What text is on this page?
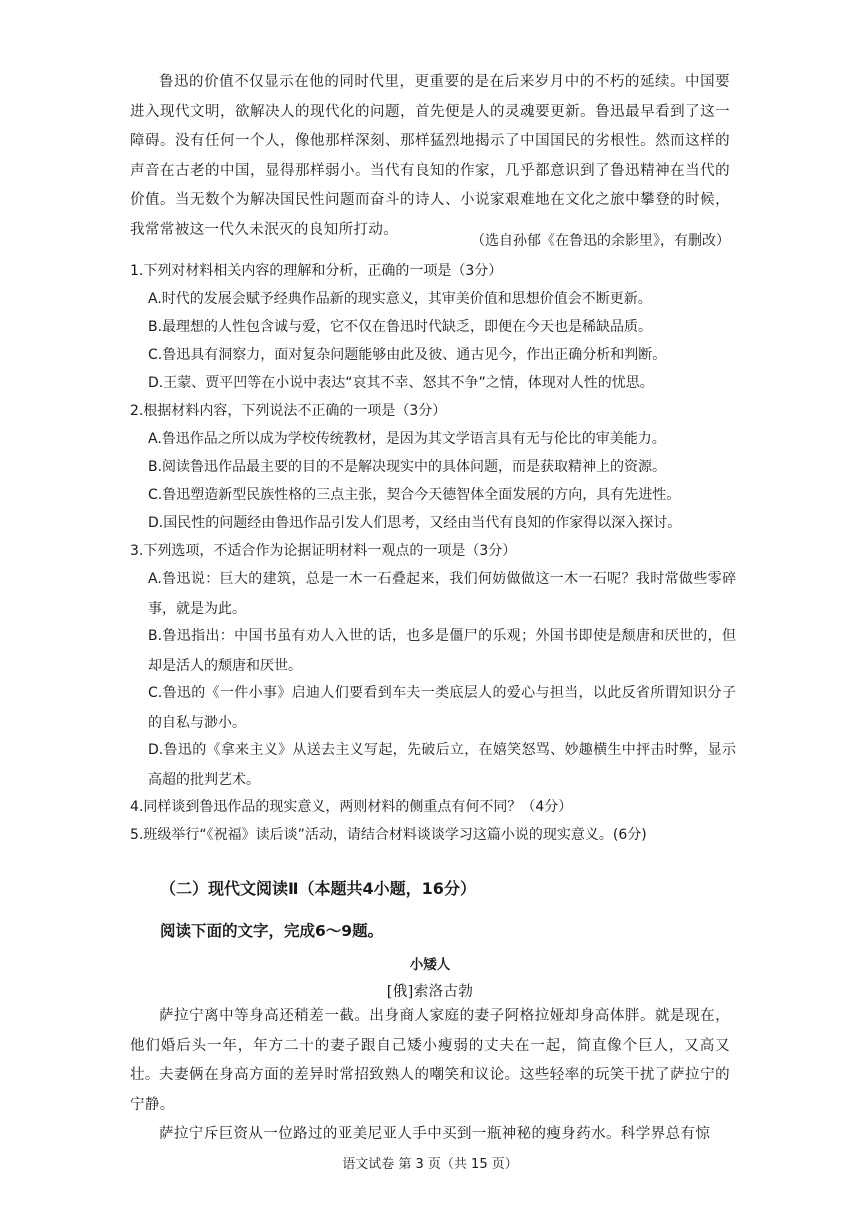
鲁迅的价值不仅显示在他的同时代里，更重要的是在后来岁月中的不朽的延续。中国要进入现代文明，欲解决人的现代化的问题，首先便是人的灵魂要更新。鲁迅最早看到了这一障碍。没有任何一个人，像他那样深刻、那样猛烈地揭示了中国国民的劣根性。然而这样的声音在古老的中国，显得那样弱小。当代有良知的作家，几乎都意识到了鲁迅精神在当代的价值。当无数个为解决国民性问题而奋斗的诗人、小说家艰难地在文化之旅中攀登的时候，我常常被这一代久未泯灭的良知所打动。

（选自孙郁《在鲁迅的余影里》，有删改）

1.下列对材料相关内容的理解和分析，正确的一项是（3分）

A.时代的发展会赋予经典作品新的现实意义，其审美价值和思想价值会不断更新。

B.最理想的人性包含诚与爱，它不仅在鲁迅时代缺乏，即便在今天也是稀缺品质。

C.鲁迅具有洞察力，面对复杂问题能够由此及彼、通古见今，作出正确分析和判断。

D.王蒙、贾平凹等在小说中表达“哀其不幸、怒其不争”之情，体现对人性的忧思。

2.根据材料内容，下列说法不正确的一项是（3分）

A.鲁迅作品之所以成为学校传统教材，是因为其文学语言具有无与伦比的审美能力。

B.阅读鲁迅作品最主要的目的不是解决现实中的具体问题，而是获取精神上的资源。

C.鲁迅塑造新型民族性格的三点主张，契合今天德智体全面发展的方向，具有先进性。

D.国民性的问题经由鲁迅作品引发人们思考，又经由当代有良知的作家得以深入探讨。

3.下列选项，不适合作为论据证明材料一观点的一项是（3分）

A.鲁迅说：巨大的建筑，总是一木一石叠起来，我们何妨做做这一木一石呢？我时常做些零碎事，就是为此。

B.鲁迅指出：中国书虽有劝人入世的话，也多是僵尸的乐观；外国书即使是颓唐和厌世的，但却是活人的颓唐和厌世。

C.鲁迅的《一件小事》启迪人们要看到车夫一类底层人的爱心与担当，以此反省所谓知识分子的自私与渺小。

D.鲁迅的《拿来主义》从送去主义写起，先破后立，在嬉笑怒骂、妙趣横生中抨击时弊，显示高超的批判艺术。

4.同样谈到鲁迅作品的现实意义，两则材料的侧重点有何不同？（4分）

5.班级举行“《祝福》读后谈”活动，请结合材料谈谈学习这篇小说的现实意义。(6分)

（二）现代文阅读Ⅱ（本题共4小题，16分）
阅读下面的文字，完成6～9题。
小矮人
[俄]索洛古勃

萨拉宁离中等身高还稍差一截。出身商人家庭的妻子阿格拉娅却身高体胖。就是现在，他们婚后头一年，年方二十的妻子跟自己矮小瘦弱的丈夫在一起，简直像个巨人，又高又壮。 夫妻俩在身高方面的差异时常招致熟人的嘲笑和议论。这些轻率的玩笑干扰了萨拉宁的宁静。

萨拉宁斥巨资从一位路过的亚美尼亚人手中买到一瓶神秘的瘦身药水。科学界总有惊

语文试卷 第 3 页（共 15 页）
